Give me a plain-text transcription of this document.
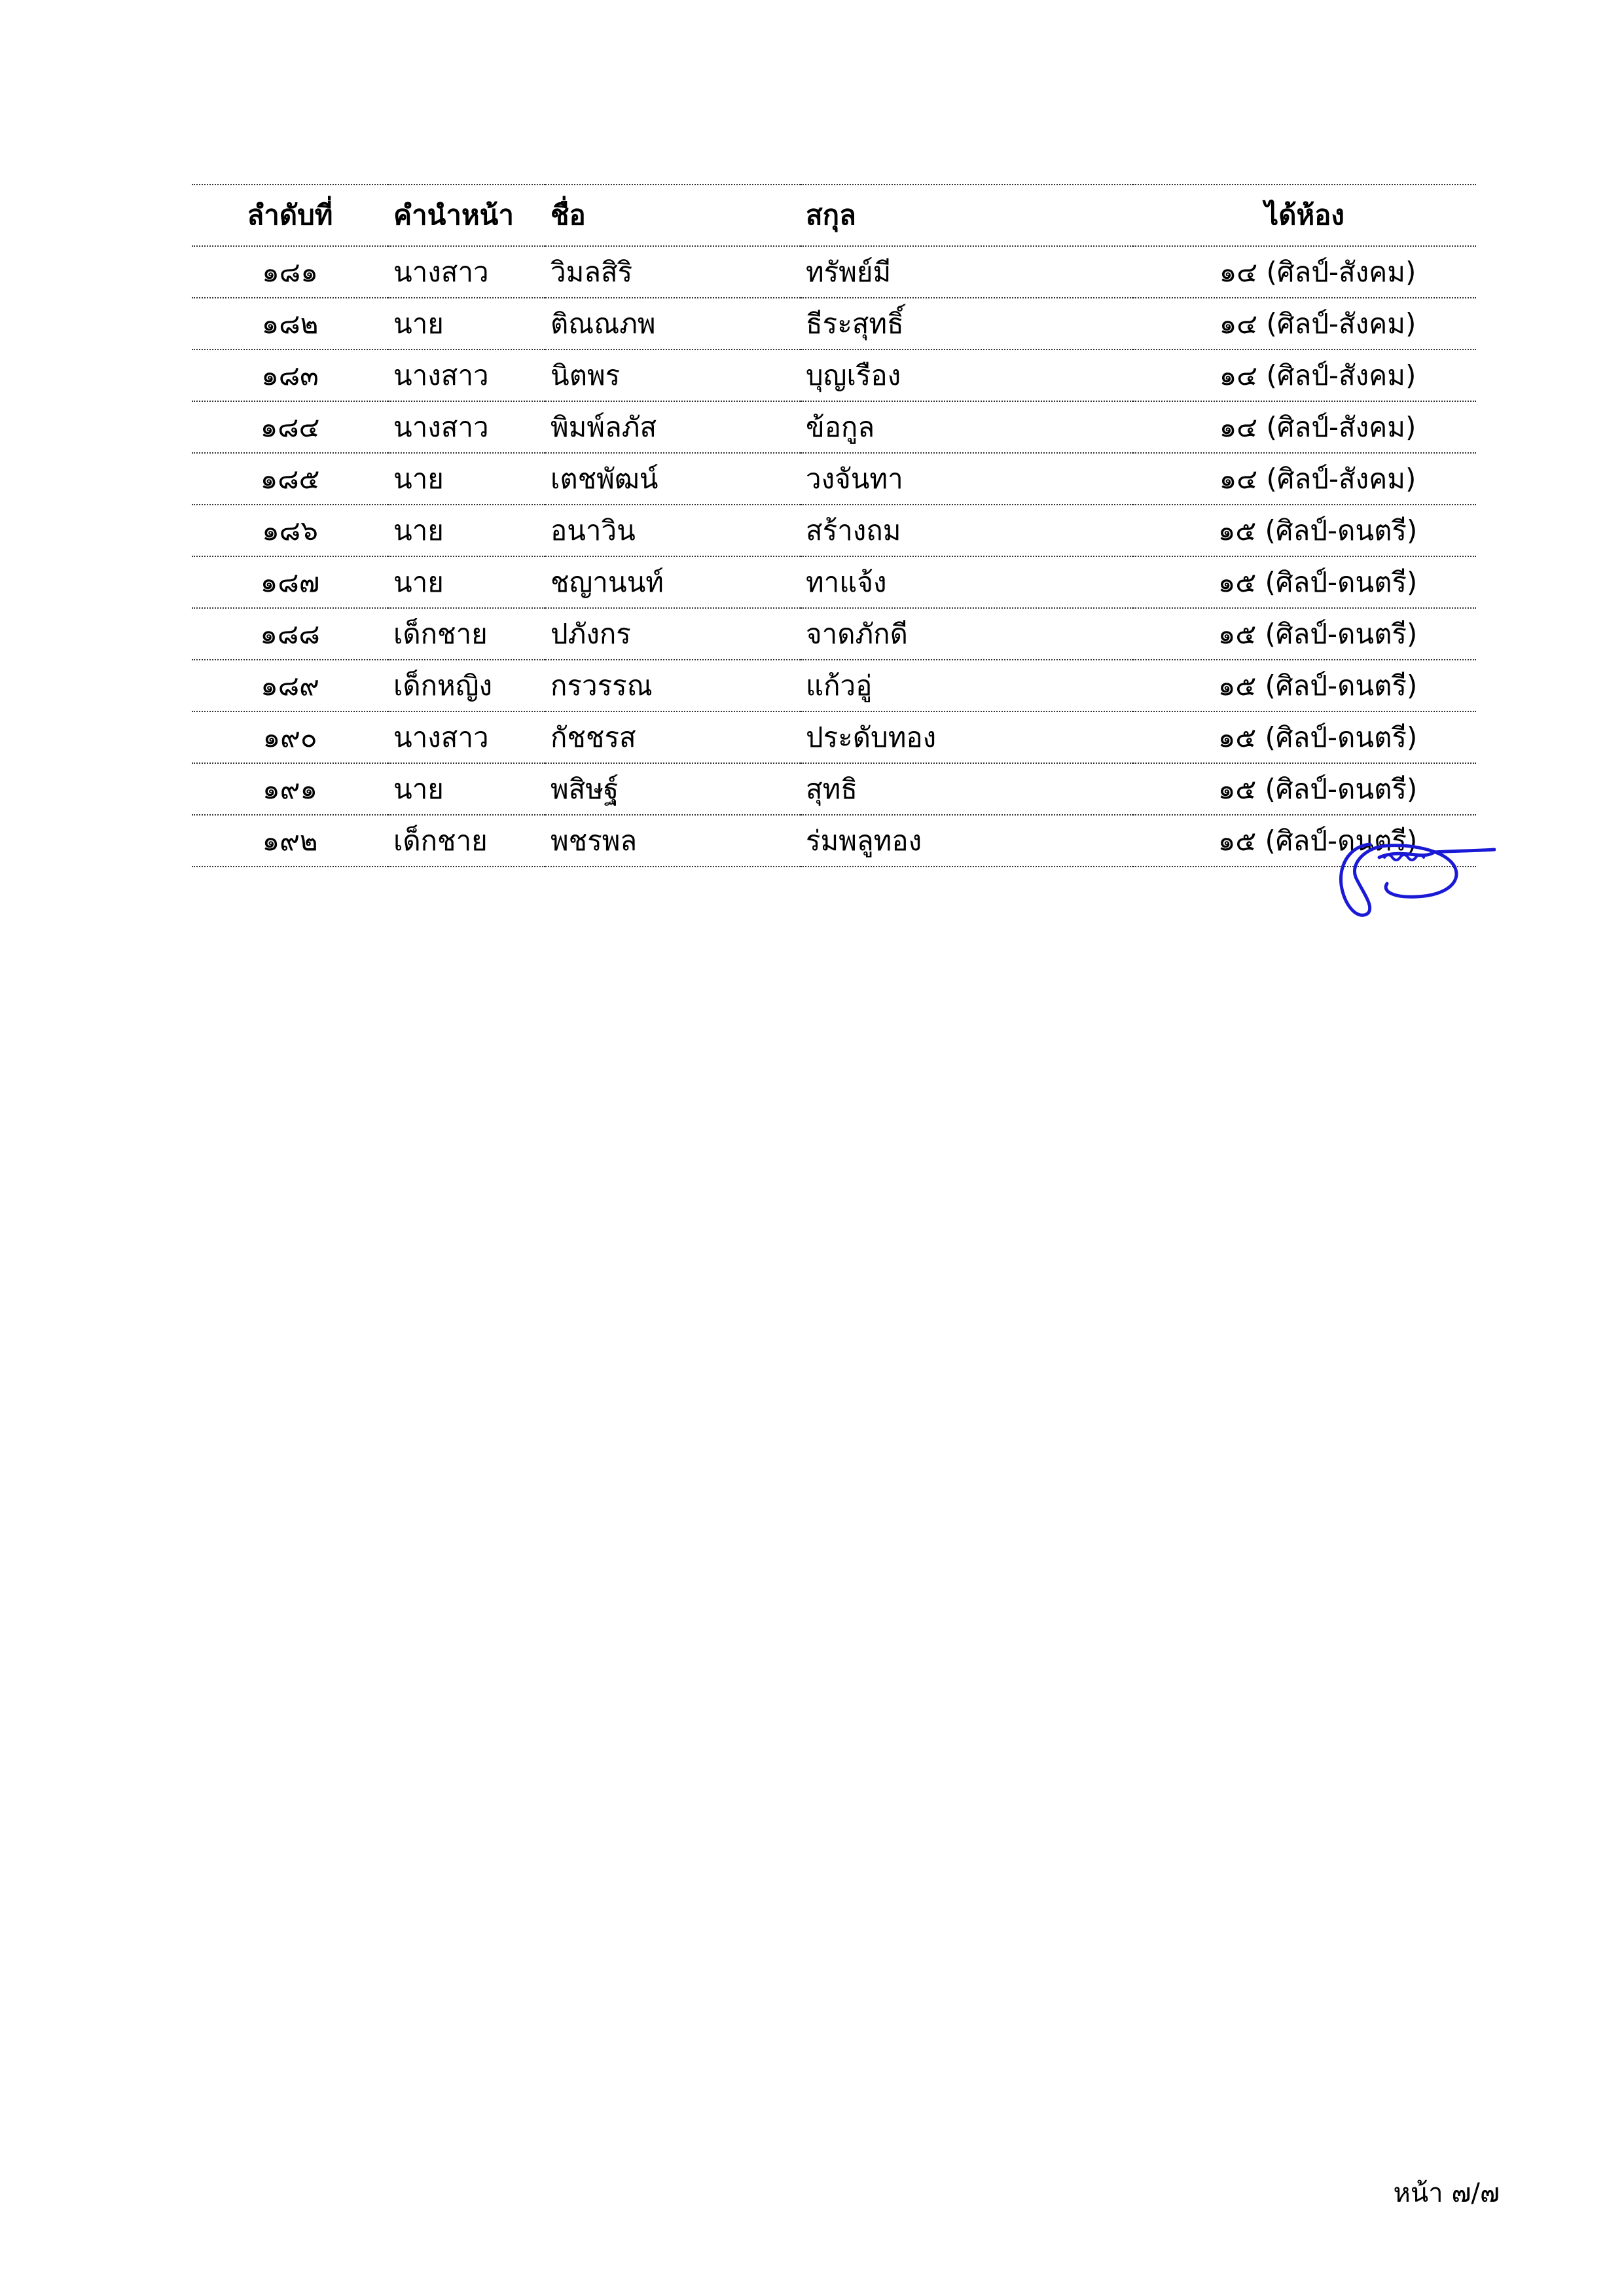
ลำดับที่	คำนำหน้า	ชื่อ	สกุล	ได้ห้อง
๑๘๑	นางสาว	วิมลสิริ	ทรัพย์มี	๑๔ (ศิลป์-สังคม)
๑๘๒	นาย	ติณณภพ	ธีระสุทธิ์	๑๔ (ศิลป์-สังคม)
๑๘๓	นางสาว	นิตพร	บุญเรือง	๑๔ (ศิลป์-สังคม)
๑๘๔	นางสาว	พิมพ์ลภัส	ข้อกูล	๑๔ (ศิลป์-สังคม)
๑๘๕	นาย	เตชพัฒน์	วงจันทา	๑๔ (ศิลป์-สังคม)
๑๘๖	นาย	อนาวิน	สร้างถม	๑๕ (ศิลป์-ดนตรี)
๑๘๗	นาย	ชญานนท์	ทาแจ้ง	๑๕ (ศิลป์-ดนตรี)
๑๘๘	เด็กชาย	ปภังกร	จาดภักดี	๑๕ (ศิลป์-ดนตรี)
๑๘๙	เด็กหญิง	กรวรรณ	แก้วอู่	๑๕ (ศิลป์-ดนตรี)
๑๙๐	นางสาว	กัชชรส	ประดับทอง	๑๕ (ศิลป์-ดนตรี)
๑๙๑	นาย	พสิษฐ์	สุทธิ	๑๕ (ศิลป์-ดนตรี)
๑๙๒	เด็กชาย	พชรพล	ร่มพลูทอง	๑๕ (ศิลป์-ดนตรี)
หน้า ๗/๗
